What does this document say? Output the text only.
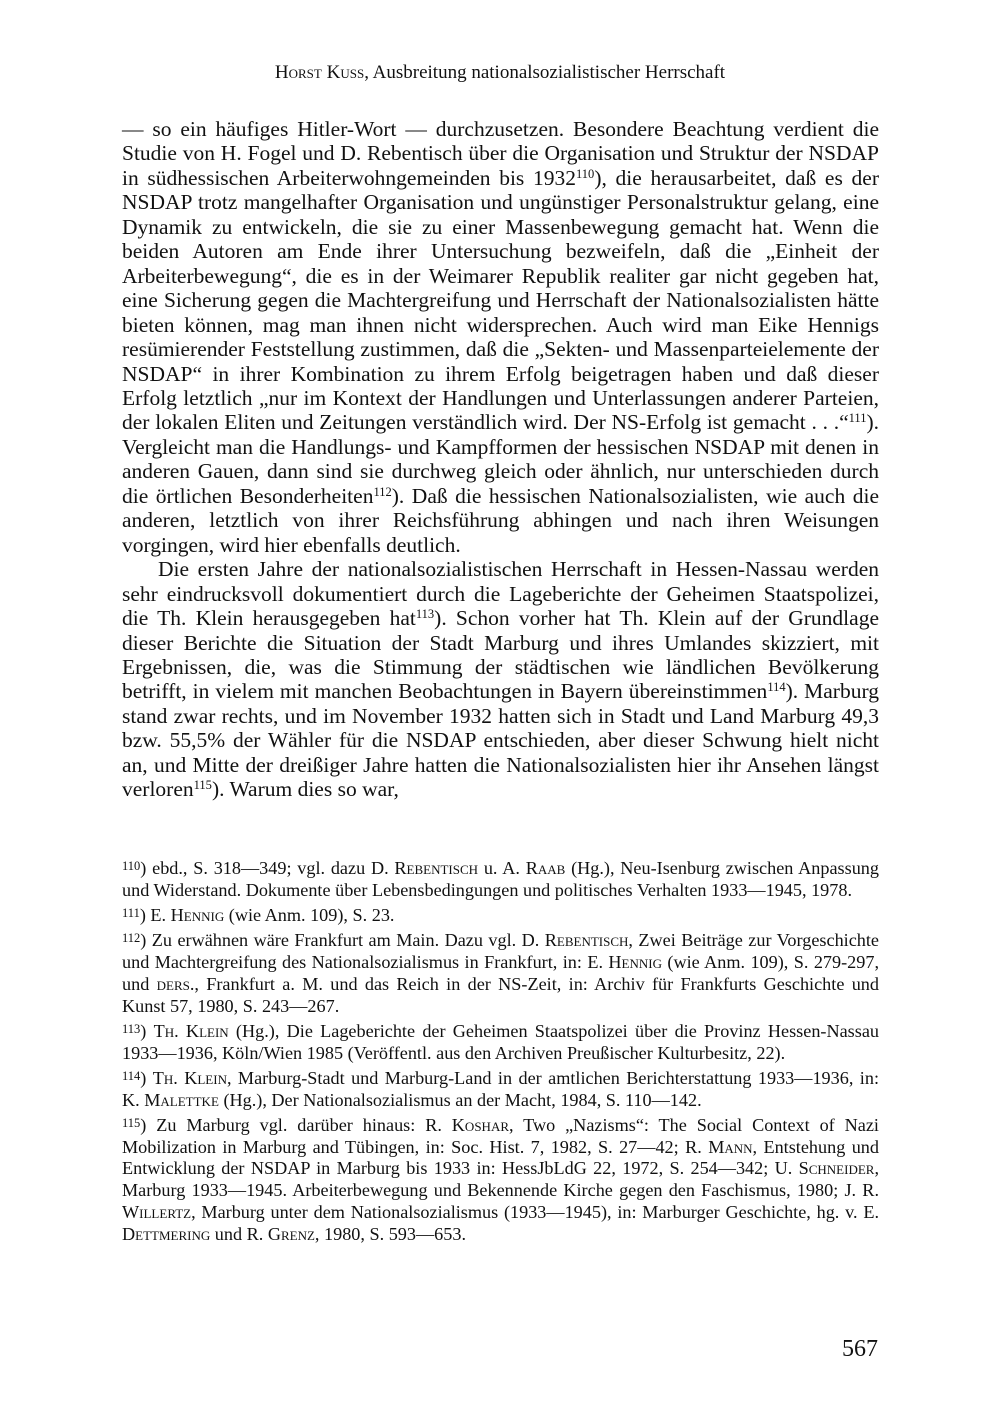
Horst Kuss, Ausbreitung nationalsozialistischer Herrschaft

— so ein häufiges Hitler-Wort — durchzusetzen. Besondere Beachtung verdient die Studie von H. Fogel und D. Rebentisch über die Organisation und Struktur der NSDAP in südhessischen Arbeiterwohngemeinden bis 1932$^{110}$), die herausarbeitet, daß es der NSDAP trotz mangelhafter Organisation und ungünstiger Personalstruktur gelang, eine Dynamik zu entwickeln, die sie zu einer Massenbewegung gemacht hat. Wenn die beiden Autoren am Ende ihrer Untersuchung bezweifeln, daß die „Einheit der Arbeiterbewegung“, die es in der Weimarer Republik realiter gar nicht gegeben hat, eine Sicherung gegen die Machtergreifung und Herrschaft der Nationalsozialisten hätte bieten können, mag man ihnen nicht widersprechen. Auch wird man Eike Hennigs resümierender Feststellung zustimmen, daß die „Sekten- und Massenparteielemente der NSDAP“ in ihrer Kombination zu ihrem Erfolg beigetragen haben und daß dieser Erfolg letztlich „nur im Kontext der Handlungen und Unterlassungen anderer Parteien, der lokalen Eliten und Zeitungen verständlich wird. Der NS-Erfolg ist gemacht . . .“$^{111}$). Vergleicht man die Handlungs- und Kampfformen der hessischen NSDAP mit denen in anderen Gauen, dann sind sie durchweg gleich oder ähnlich, nur unterschieden durch die örtlichen Besonderheiten$^{112}$). Daß die hessischen Nationalsozialisten, wie auch die anderen, letztlich von ihrer Reichsführung abhingen und nach ihren Weisungen vorgingen, wird hier ebenfalls deutlich.

Die ersten Jahre der nationalsozialistischen Herrschaft in Hessen-Nassau werden sehr eindrucksvoll dokumentiert durch die Lageberichte der Geheimen Staatspolizei, die Th. Klein herausgegeben hat$^{113}$). Schon vorher hat Th. Klein auf der Grundlage dieser Berichte die Situation der Stadt Marburg und ihres Umlandes skizziert, mit Ergebnissen, die, was die Stimmung der städtischen wie ländlichen Bevölkerung betrifft, in vielem mit manchen Beobachtungen in Bayern übereinstimmen$^{114}$). Marburg stand zwar rechts, und im November 1932 hatten sich in Stadt und Land Marburg 49,3 bzw. 55,5% der Wähler für die NSDAP entschieden, aber dieser Schwung hielt nicht an, und Mitte der dreißiger Jahre hatten die Nationalsozialisten hier ihr Ansehen längst verloren$^{115}$). Warum dies so war,

$^{110}$) ebd., S. 318—349; vgl. dazu D. Rebentisch u. A. Raab (Hg.), Neu-Isenburg zwischen Anpassung und Widerstand. Dokumente über Lebensbedingungen und politisches Verhalten 1933—1945, 1978.
$^{111}$) E. Hennig (wie Anm. 109), S. 23.
$^{112}$) Zu erwähnen wäre Frankfurt am Main. Dazu vgl. D. Rebentisch, Zwei Beiträge zur Vorgeschichte und Machtergreifung des Nationalsozialismus in Frankfurt, in: E. Hennig (wie Anm. 109), S. 279-297, und ders., Frankfurt a. M. und das Reich in der NS-Zeit, in: Archiv für Frankfurts Geschichte und Kunst 57, 1980, S. 243—267.
$^{113}$) Th. Klein (Hg.), Die Lageberichte der Geheimen Staatspolizei über die Provinz Hessen-Nassau 1933—1936, Köln/Wien 1985 (Veröffentl. aus den Archiven Preußischer Kulturbesitz, 22).
$^{114}$) Th. Klein, Marburg-Stadt und Marburg-Land in der amtlichen Berichterstattung 1933—1936, in: K. Malettke (Hg.), Der Nationalsozialismus an der Macht, 1984, S. 110—142.
$^{115}$) Zu Marburg vgl. darüber hinaus: R. Koshar, Two „Nazisms“: The Social Context of Nazi Mobilization in Marburg and Tübingen, in: Soc. Hist. 7, 1982, S. 27—42; R. Mann, Entstehung und Entwicklung der NSDAP in Marburg bis 1933 in: HessJbLdG 22, 1972, S. 254—342; U. Schneider, Marburg 1933—1945. Arbeiterbewegung und Bekennende Kirche gegen den Faschismus, 1980; J. R. Willertz, Marburg unter dem Nationalsozialismus (1933—1945), in: Marburger Geschichte, hg. v. E. Dettmering und R. Grenz, 1980, S. 593—653.
567
